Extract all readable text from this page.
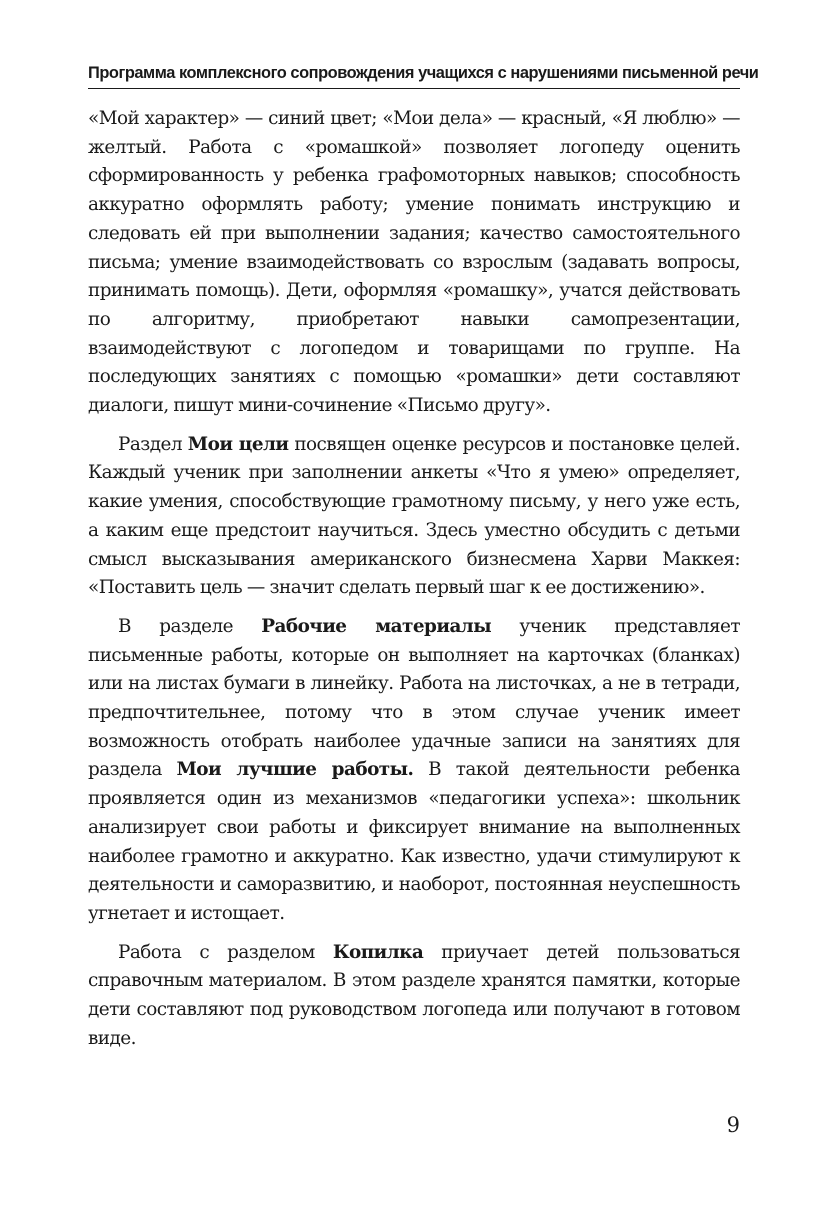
Программа комплексного сопровождения учащихся с нарушениями письменной речи

«Мой характер» — синий цвет; «Мои дела» — красный, «Я люблю» — желтый. Работа с «ромашкой» позволяет логопеду оценить сформированность у ребенка графомоторных навыков; способность аккуратно оформлять работу; умение понимать инструкцию и следовать ей при выполнении задания; качество самостоятельного письма; умение взаимодействовать со взрослым (задавать вопросы, принимать помощь). Дети, оформляя «ромашку», учатся действовать по алгоритму, приобретают навыки самопрезентации, взаимодействуют с логопедом и товарищами по группе. На последующих занятиях с помощью «ромашки» дети составляют диалоги, пишут мини-сочинение «Письмо другу».

Раздел Мои цели посвящен оценке ресурсов и постановке целей. Каждый ученик при заполнении анкеты «Что я умею» определяет, какие умения, способствующие грамотному письму, у него уже есть, а каким еще предстоит научиться. Здесь уместно обсудить с детьми смысл высказывания американского бизнесмена Харви Маккея: «Поставить цель — значит сделать первый шаг к ее достижению».

В разделе Рабочие материалы ученик представляет письменные работы, которые он выполняет на карточках (бланках) или на листах бумаги в линейку. Работа на листочках, а не в тетради, предпочтительнее, потому что в этом случае ученик имеет возможность отобрать наиболее удачные записи на занятиях для раздела Мои лучшие работы. В такой деятельности ребенка проявляется один из механизмов «педагогики успеха»: школьник анализирует свои работы и фиксирует внимание на выполненных наиболее грамотно и аккуратно. Как известно, удачи стимулируют к деятельности и саморазвитию, и наоборот, постоянная неуспешность угнетает и истощает.

Работа с разделом Копилка приучает детей пользоваться справочным материалом. В этом разделе хранятся памятки, которые дети составляют под руководством логопеда или получают в готовом виде.

9
